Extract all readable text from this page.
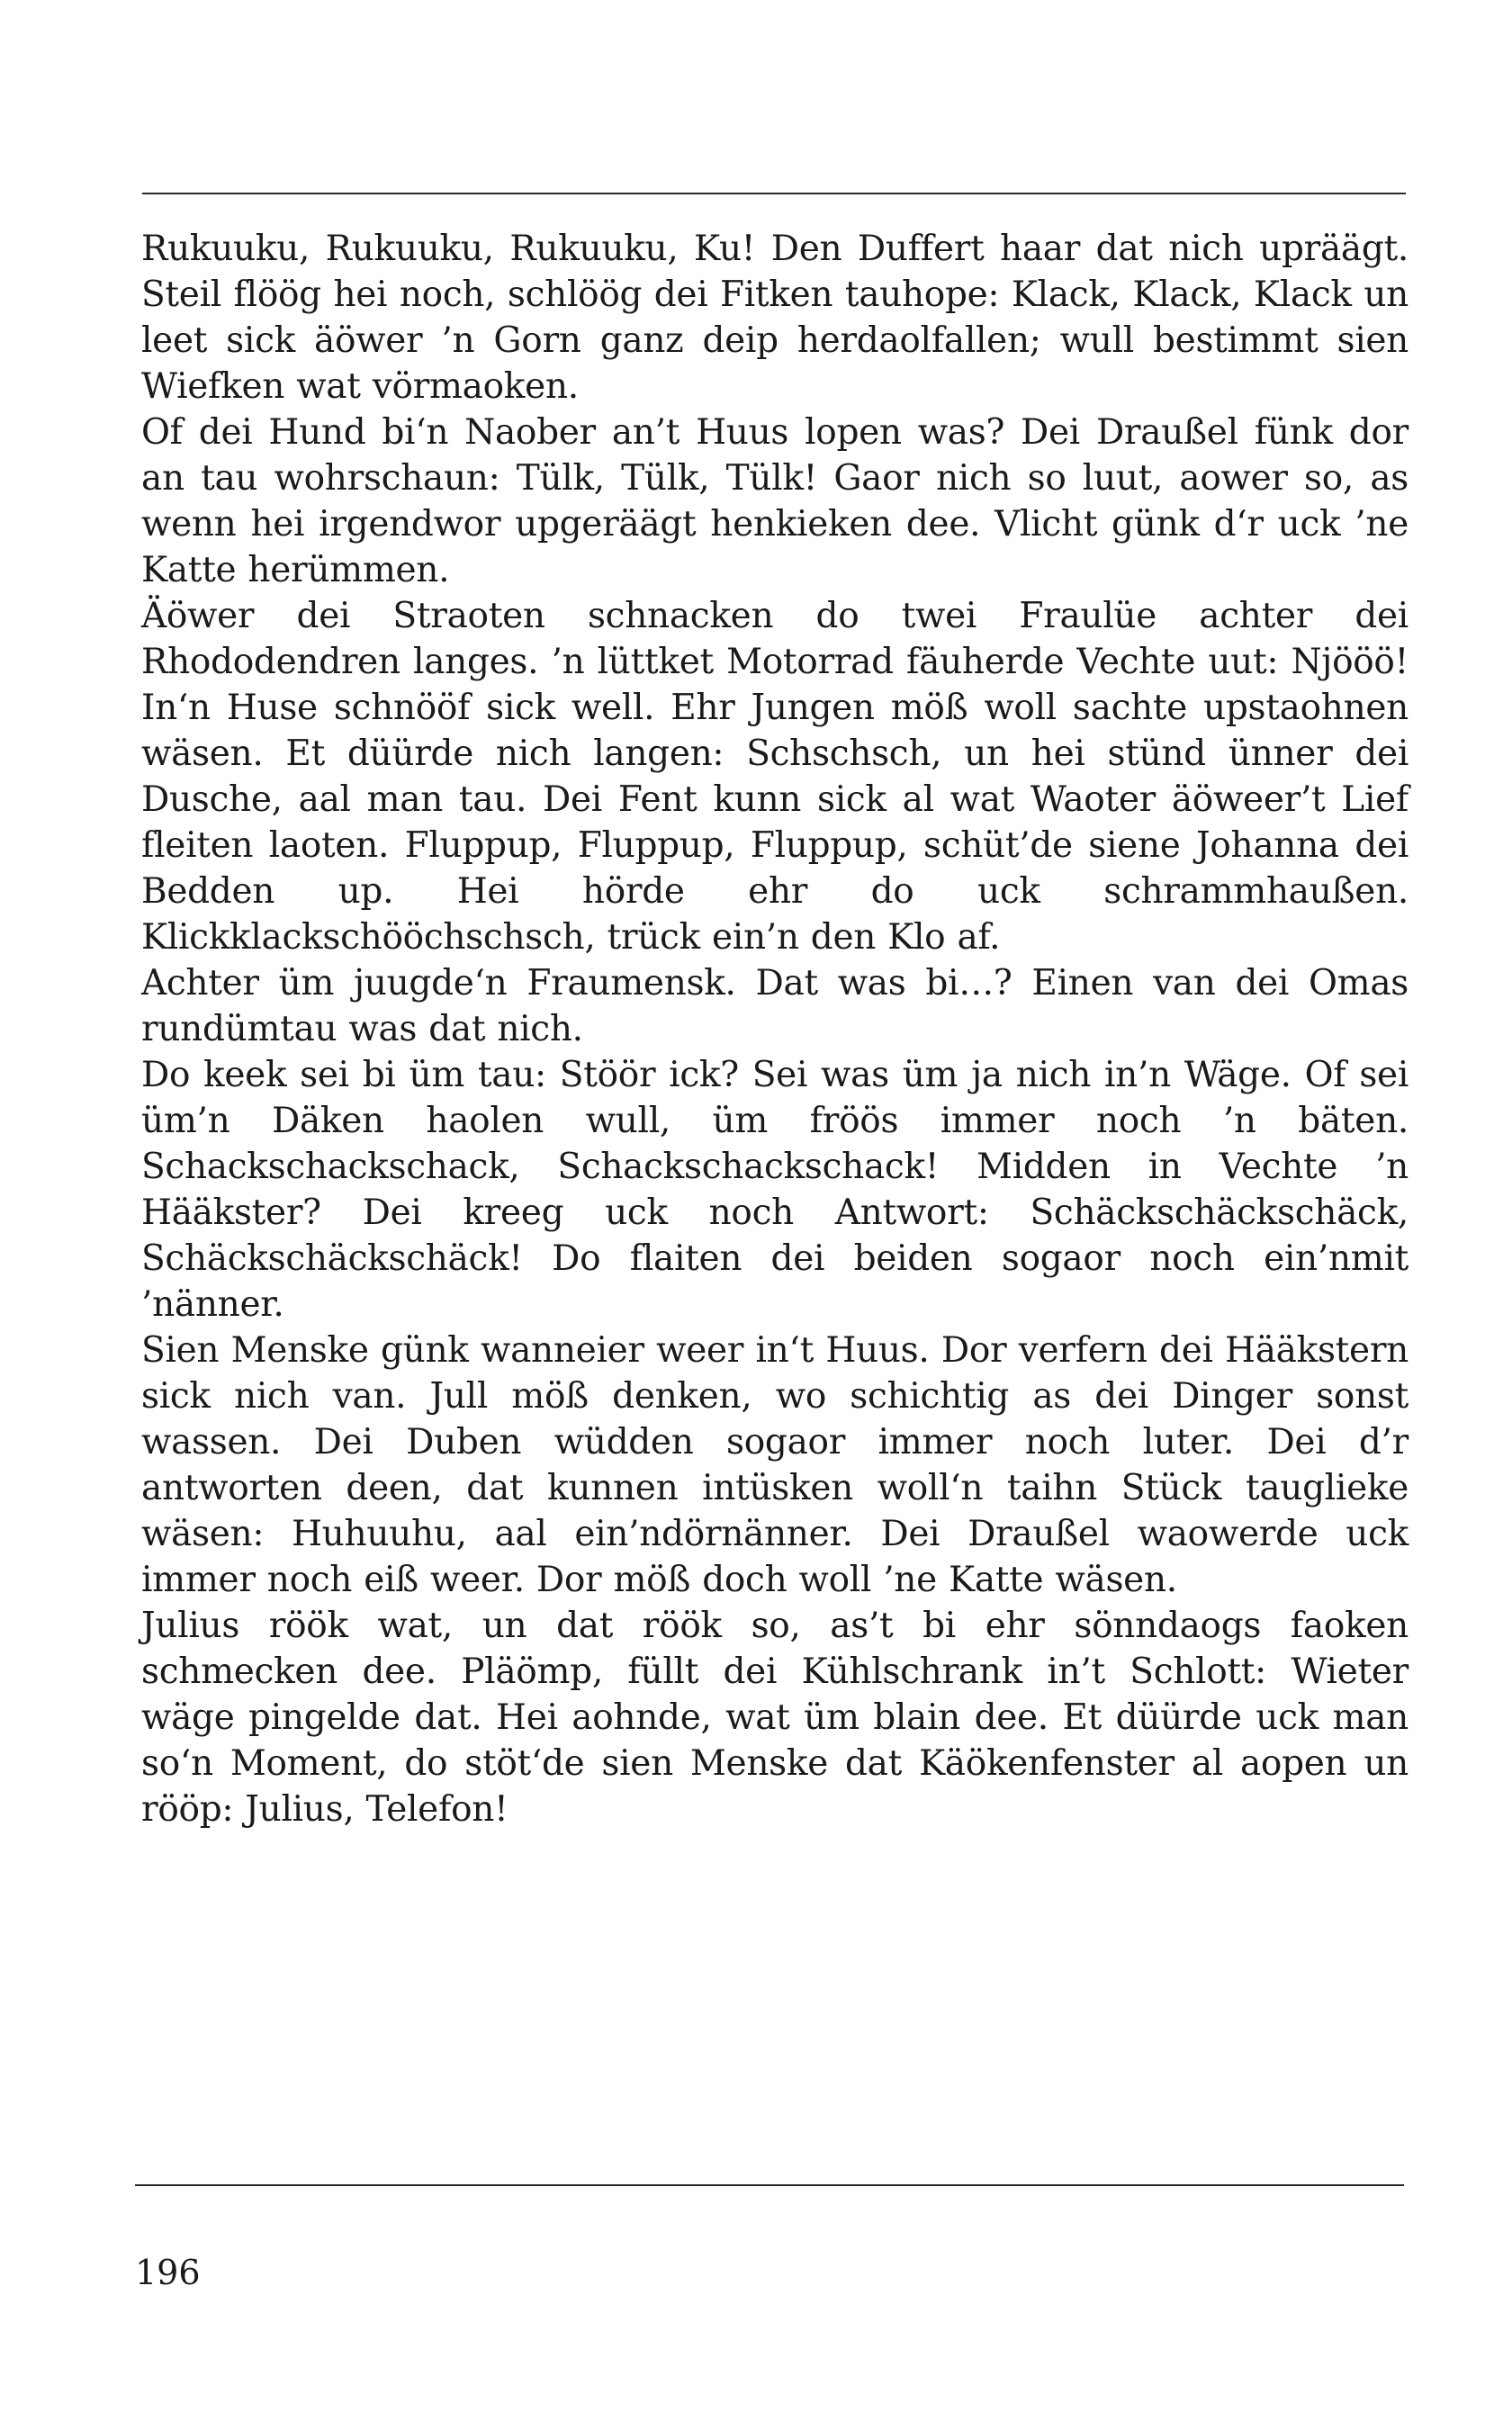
Rukuuku, Rukuuku, Rukuuku, Ku! Den Duffert haar dat nich upräägt. Steil flöög hei noch, schlöög dei Fitken tauhope: Klack, Klack, Klack un leet sick äöwer ’n Gorn ganz deip herdaolfallen; wull bestimmt sien Wiefken wat vörmaoken.

Of dei Hund bi‘n Naober an’t Huus lopen was? Dei Draußel fünk dor an tau wohrschaun: Tülk, Tülk, Tülk! Gaor nich so luut, aower so, as wenn hei irgendwor upgeräägt henkieken dee. Vlicht günk d‘r uck ’ne Katte herümmen.

Äöwer dei Straoten schnacken do twei Fraulüe achter dei Rhododendren langes. ’n lüttket Motorrad fäuherde Vechte uut: Njööö! In‘n Huse schnööf sick well. Ehr Jungen möß woll sachte upstaohnen wäsen. Et düürde nich langen: Schschsch, un hei stünd ünner dei Dusche, aal man tau. Dei Fent kunn sick al wat Waoter äöweer’t Lief fleiten laoten. Fluppup, Fluppup, Fluppup, schüt’de siene Johanna dei Bedden up. Hei hörde ehr do uck schrammhaußen. Klickklackschööchschsch, trück ein’n den Klo af.

Achter üm juugde‘n Fraumensk. Dat was bi…? Einen van dei Omas rundümtau was dat nich.

Do keek sei bi üm tau: Stöör ick? Sei was üm ja nich in’n Wäge. Of sei üm’n Däken haolen wull, üm fröös immer noch ’n bäten. Schackschackschack, Schackschackschack! Midden in Vechte ’n Hääkster? Dei kreeg uck noch Antwort: Schäckschäckschäck, Schäckschäckschäck! Do flaiten dei beiden sogaor noch ein’nmit ’nänner.

Sien Menske günk wanneier weer in‘t Huus. Dor verfern dei Hääkstern sick nich van. Jull möß denken, wo schichtig as dei Dinger sonst wassen. Dei Duben wüdden sogaor immer noch luter. Dei d’r antworten deen, dat kunnen intüsken woll‘n taihn Stück tauglieke wäsen: Huhuuhu, aal ein’ndörnänner. Dei Draußel waowerde uck immer noch eiß weer. Dor möß doch woll ’ne Katte wäsen.

Julius röök wat, un dat röök so, as’t bi ehr sönndaogs faoken schmecken dee. Pläömp, füllt dei Kühlschrank in’t Schlott: Wieter wäge pingelde dat. Hei aohnde, wat üm blain dee. Et düürde uck man so‘n Moment, do stöt‘de sien Menske dat Käökenfenster al aopen un rööp: Julius, Telefon!

196
